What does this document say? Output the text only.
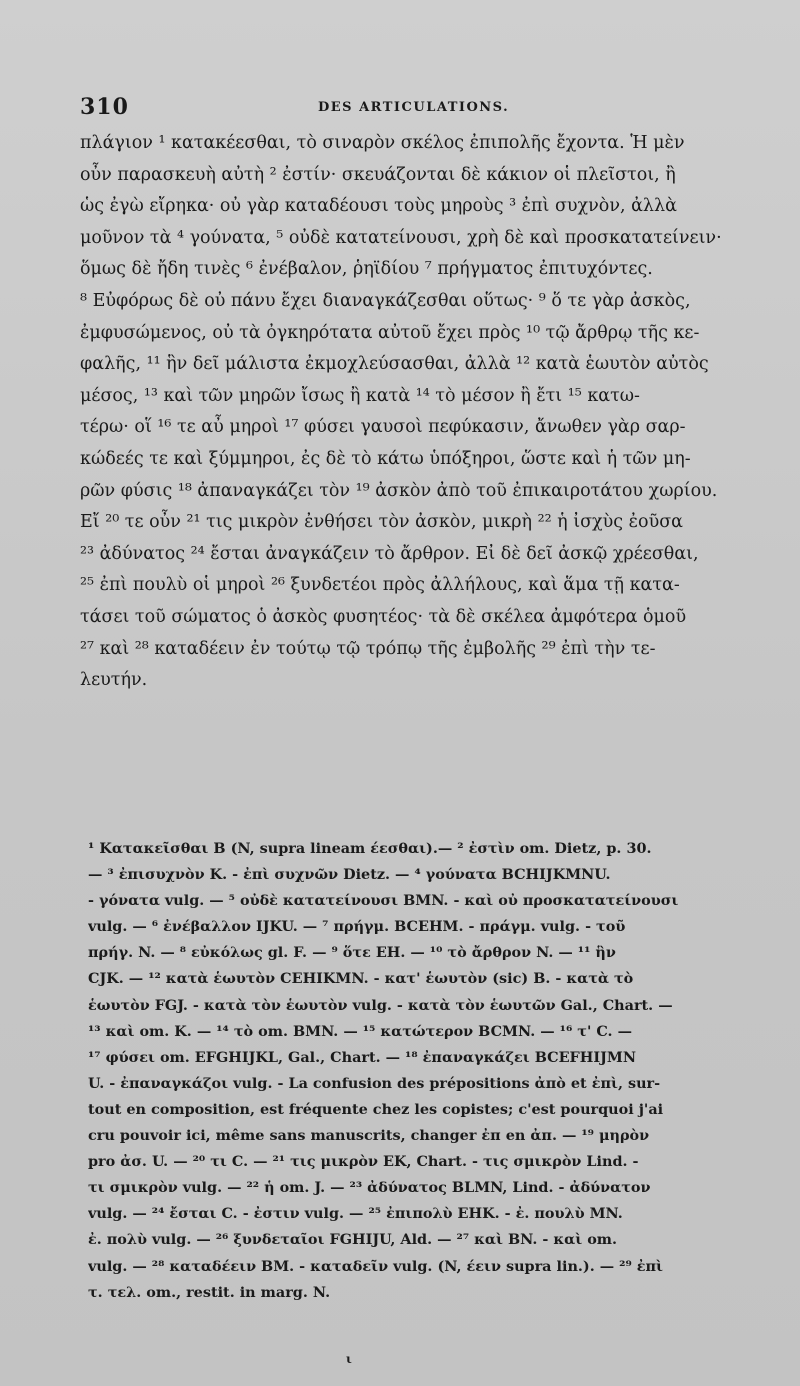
310	DES ARTICULATIONS.
πλάγιον ¹ κατακέεσθαι, τὸ σιναρὸν σκέλος ἐπιπολῆς ἔχοντα. Ἡ μὲν
οὖν παρασκευὴ αὐτὴ ² ἐστίν· σκευάζονται δὲ κάκιον οἱ πλεῖστοι, ἢ
ὡς ἐγὼ εἴρηκα· οὐ γὰρ καταδέουσι τοὺς μηροὺς ³ ἐπὶ συχνὸν, ἀλλὰ
μοῦνον τὰ ⁴ γούνατα, ⁵ οὐδὲ κατατείνουσι, χρὴ δὲ καὶ προσκατατείνειν·
ὅμως δὲ ἤδη τινὲς ⁶ ἐνέβαλον, ῥηϊδίου ⁷ πρήγματος ἐπιτυχόντες.
⁸ Εὐφόρως δὲ οὐ πάνυ ἔχει διαναγκάζεσθαι οὕτως· ⁹ ὅ τε γὰρ ἀσκὸς,
ἐμφυσώμενος, οὐ τὰ ὀγκηρότατα αὐτοῦ ἔχει πρὸς ¹⁰ τῷ ἄρθρῳ τῆς κε-
φαλῆς, ¹¹ ἣν δεῖ μάλιστα ἐκμοχλεύσασθαι, ἀλλὰ ¹² κατὰ ἑωυτὸν αὐτὸς
μέσος, ¹³ καὶ τῶν μηρῶν ἴσως ἢ κατὰ ¹⁴ τὸ μέσον ἢ ἔτι ¹⁵ κατω-
τέρω· οἵ ¹⁶ τε αὖ μηροὶ ¹⁷ φύσει γαυσοὶ πεφύκασιν, ἄνωθεν γὰρ σαρ-
κώδεές τε καὶ ξύμμηροι, ἐς δὲ τὸ κάτω ὑπόξηροι, ὥστε καὶ ἡ τῶν μη-
ρῶν φύσις ¹⁸ ἀπαναγκάζει τὸν ¹⁹ ἀσκὸν ἀπὸ τοῦ ἐπικαιροτάτου χωρίου.
Εἴ ²⁰ τε οὖν ²¹ τις μικρὸν ἐνθήσει τὸν ἀσκὸν, μικρὴ ²² ἡ ἰσχὺς ἐοῦσα
²³ ἀδύνατος ²⁴ ἔσται ἀναγκάζειν τὸ ἄρθρον. Εἰ δὲ δεῖ ἀσκῷ χρέεσθαι,
²⁵ ἐπὶ πουλὺ οἱ μηροὶ ²⁶ ξυνδετέοι πρὸς ἀλλήλους, καὶ ἅμα τῇ κατα-
τάσει τοῦ σώματος ὁ ἀσκὸς φυσητέος· τὰ δὲ σκέλεα ἀμφότερα ὁμοῦ
²⁷ καὶ ²⁸ καταδέειν ἐν τούτῳ τῷ τρόπῳ τῆς ἐμβολῆς ²⁹ ἐπὶ τὴν τε-
λευτήν.
¹ Κατακεῖσθαι B (N, supra lineam έεσθαι).— ² ἐστὶν om. Dietz, p. 30.
— ³ ἐπισυχνὸν K. - ἐπὶ συχνῶν Dietz. — ⁴ γούνατα BCHIJKMNU.
- γόνατα vulg. — ⁵ οὐδὲ κατατείνουσι BMN. - καὶ οὐ προσκατατείνουσι
vulg. — ⁶ ἐνέβαλλον IJKU. — ⁷ πρήγμ. BCEHM. - πράγμ. vulg. - τοῦ
πρήγ. N. — ⁸ εὐκόλως gl. F. — ⁹ ὅτε EH. — ¹⁰ τὸ ἄρθρον N. — ¹¹ ἣν
CJK. — ¹² κατὰ ἑωυτὸν CEHIKMN. - κατ' ἑωυτὸν (sic) B. - κατὰ τὸ
ἑωυτὸν FGJ. - κατὰ τὸν ἑωυτὸν vulg. - κατὰ τὸν ἑωυτῶν Gal., Chart. —
¹³ καὶ om. K. — ¹⁴ τὸ om. BMN. — ¹⁵ κατώτερον BCMN. — ¹⁶ τ' C. —
¹⁷ φύσει om. EFGHIJKL, Gal., Chart. — ¹⁸ ἐπαναγκάζει BCEFHIJMN
U. - ἐπαναγκάζοι vulg. - La confusion des prépositions ἀπὸ et ἐπὶ, sur-
tout en composition, est fréquente chez les copistes; c'est pourquoi j'ai
cru pouvoir ici, même sans manuscrits, changer ἐπ en ἀπ. — ¹⁹ μηρὸν
pro ἀσ. U. — ²⁰ τι C. — ²¹ τις μικρὸν EK, Chart. - τις σμικρὸν Lind. -
τι σμικρὸν vulg. — ²² ἡ om. J. — ²³ ἀδύνατος BLMN, Lind. - ἀδύνατον
vulg. — ²⁴ ἔσται C. - ἐστιν vulg. — ²⁵ ἐπιπολὺ EHK. - ἐ. πουλὺ MN.
ἐ. πολὺ vulg. — ²⁶ ξυνδεταῖοι FGHIJU, Ald. — ²⁷ καὶ BN. - καὶ om.
vulg. — ²⁸ καταδέειν BM. - καταδεῖν vulg. (N, έειν supra lin.). — ²⁹ ἐπὶ
τ. τελ. om., restit. in marg. N.
ι
